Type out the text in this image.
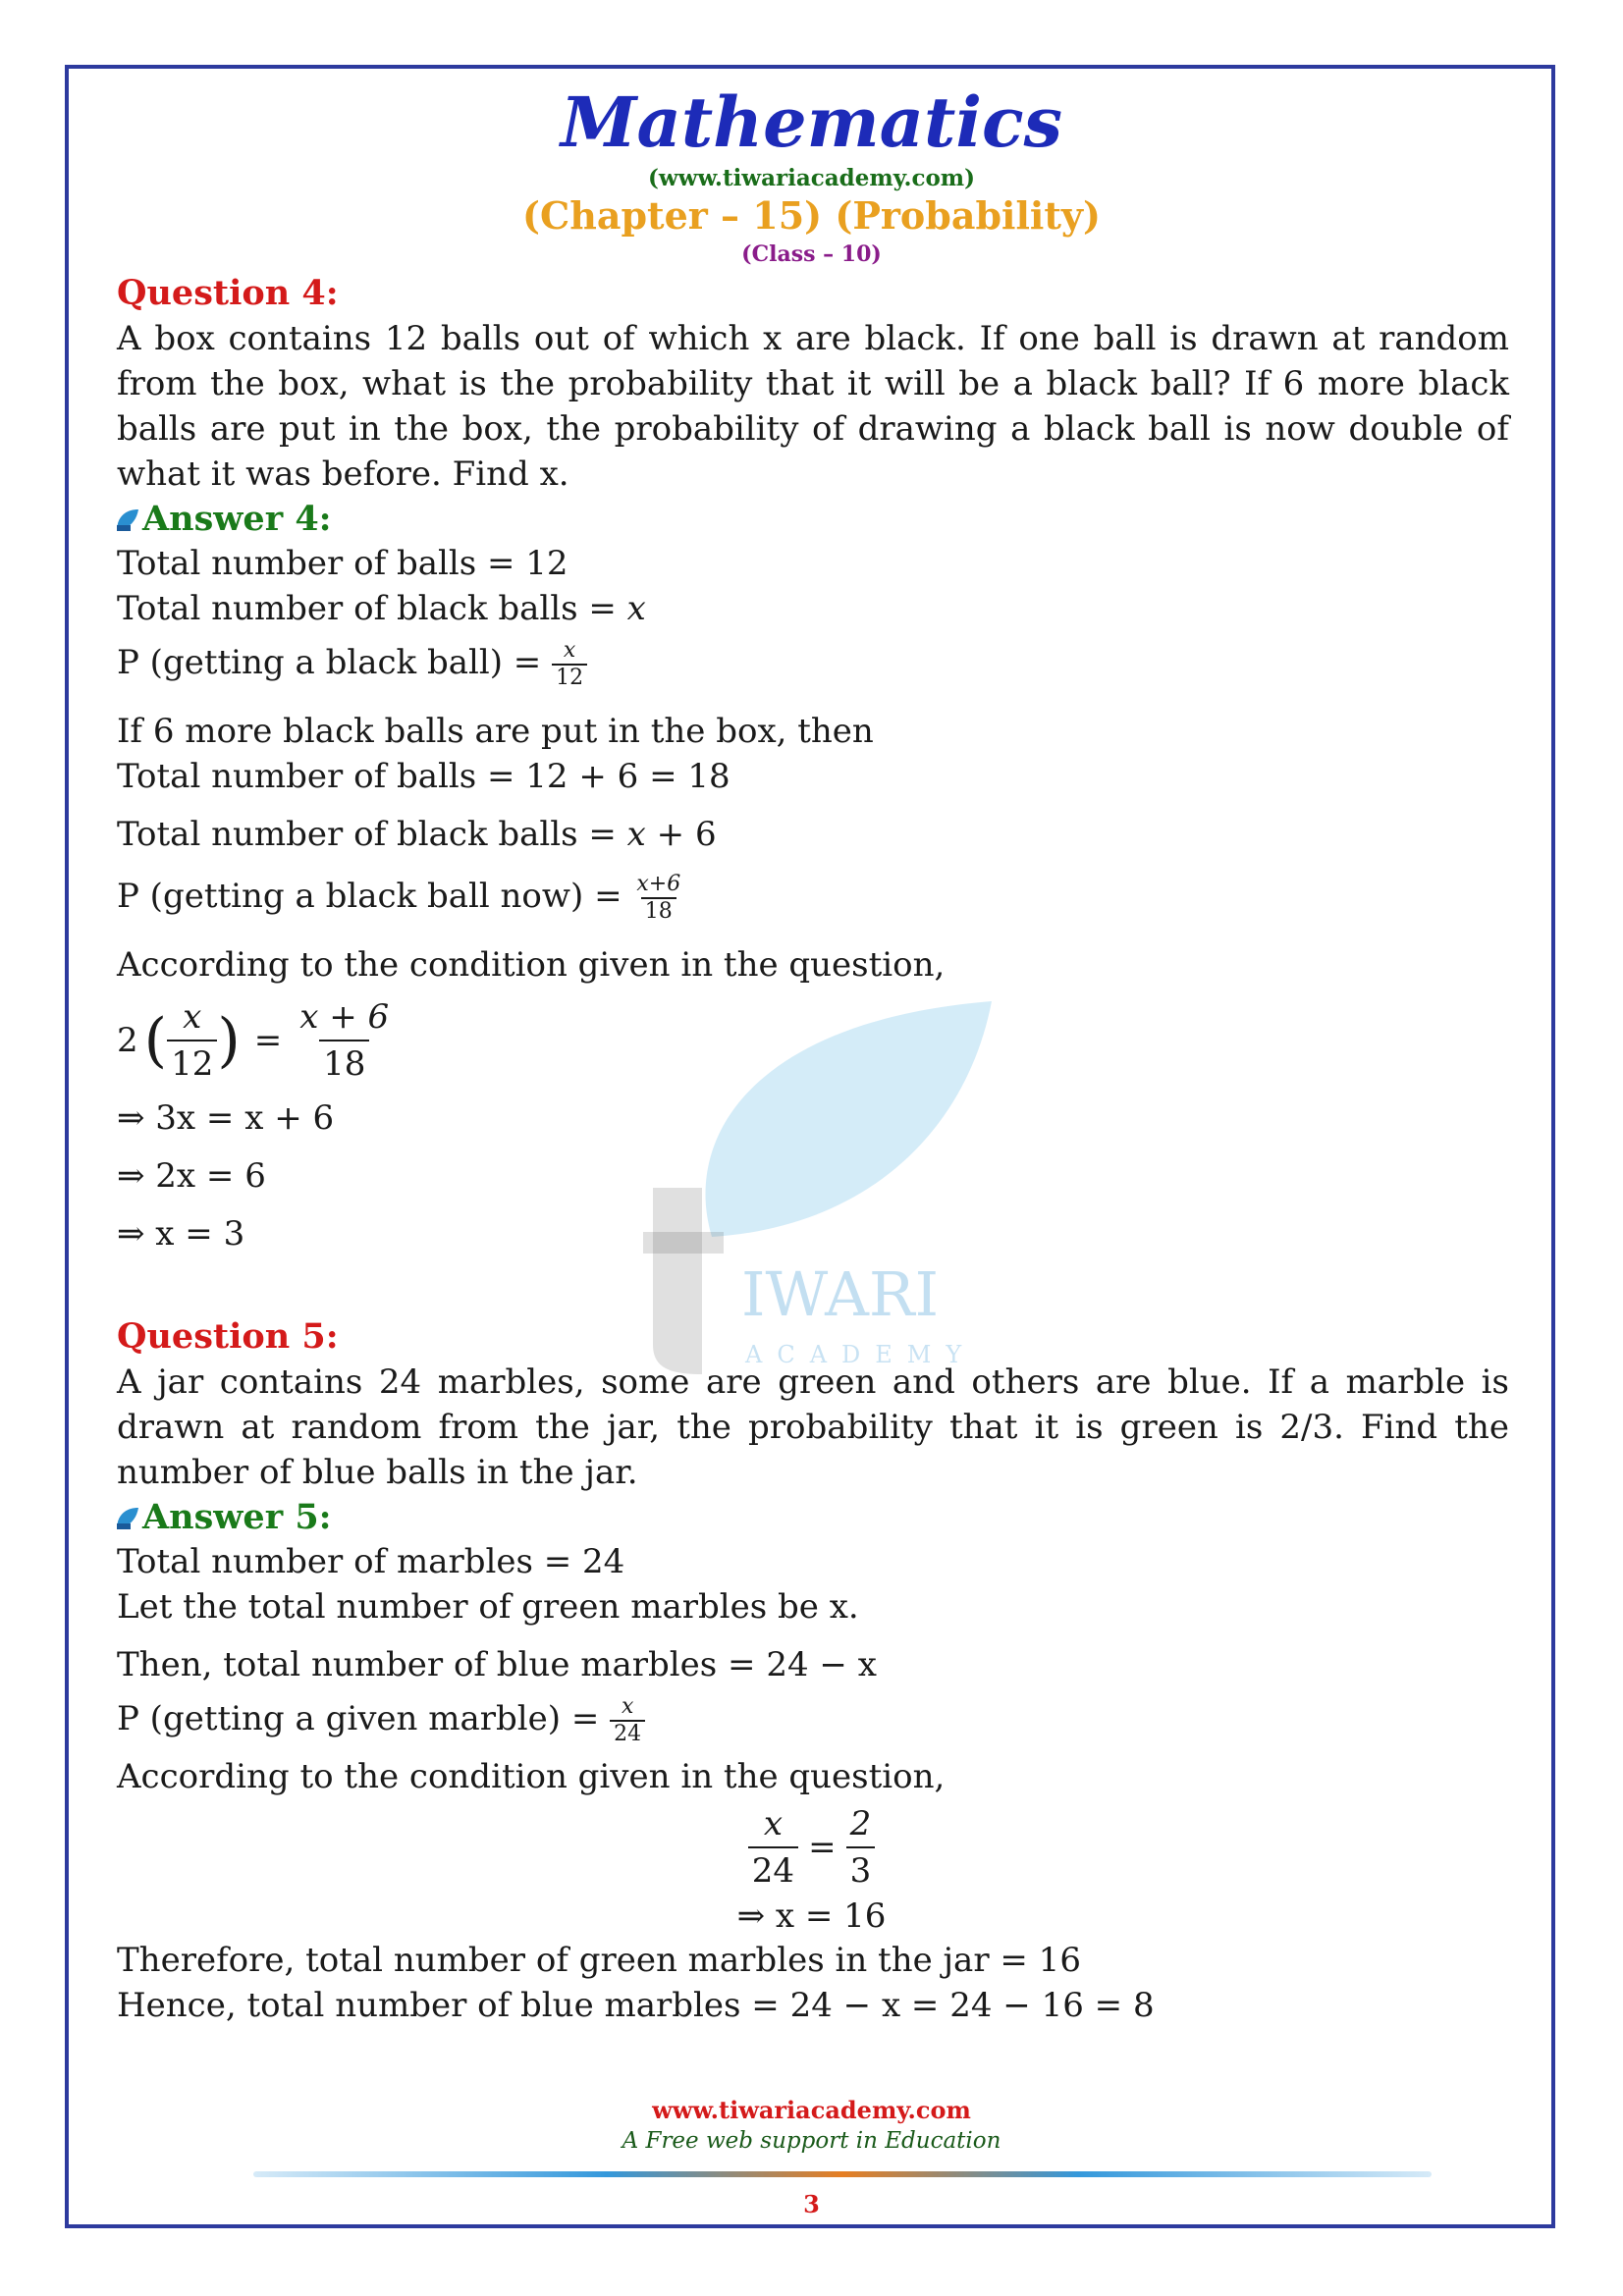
IWARI
ACADEMY
Mathematics
(www.tiwariacademy.com)
(Chapter – 15) (Probability)
(Class – 10)
Question 4:
A box contains 12 balls out of which x are black. If one ball is drawn at random from the box, what is the probability that it will be a black ball? If 6 more black balls are put in the box, the probability of drawing a black ball is now double of what it was before. Find x.
Answer 4:
Total number of balls = 12
Total number of black balls = x
P (getting a black ball) = $\frac{x}{12}$
If 6 more black balls are put in the box, then
Total number of balls = 12 + 6 = 18
Total number of black balls = x + 6
P (getting a black ball $now) = \frac{x+6}{18}$
According to the condition given in the question,
2 ( $\frac{x}{12}$ ) = $\frac{x + 6}{18}$
⇒ 3x = x + 6
⇒ 2x = 6
⇒ x = 3
Question 5:
A jar contains 24 marbles, some are green and others are blue. If a marble is drawn at random from the jar, the probability that it is green is 2/3. Find the number of blue balls in the jar.
Answer 5:
Total number of marbles = 24
Let the total number of green marbles be x.
Then, total number of blue marbles = 24 − x
P (getting a given marble) = $\frac{x}{24}$
According to the condition given in the question,
$\frac{x}{24} = \frac{2}{3}$
⇒ x = 16
Therefore, total number of green marbles in the jar = 16
Hence, total number of blue marbles = 24 − x = 24 − 16 = 8
www.tiwariacademy.com
A Free web support in Education
3
